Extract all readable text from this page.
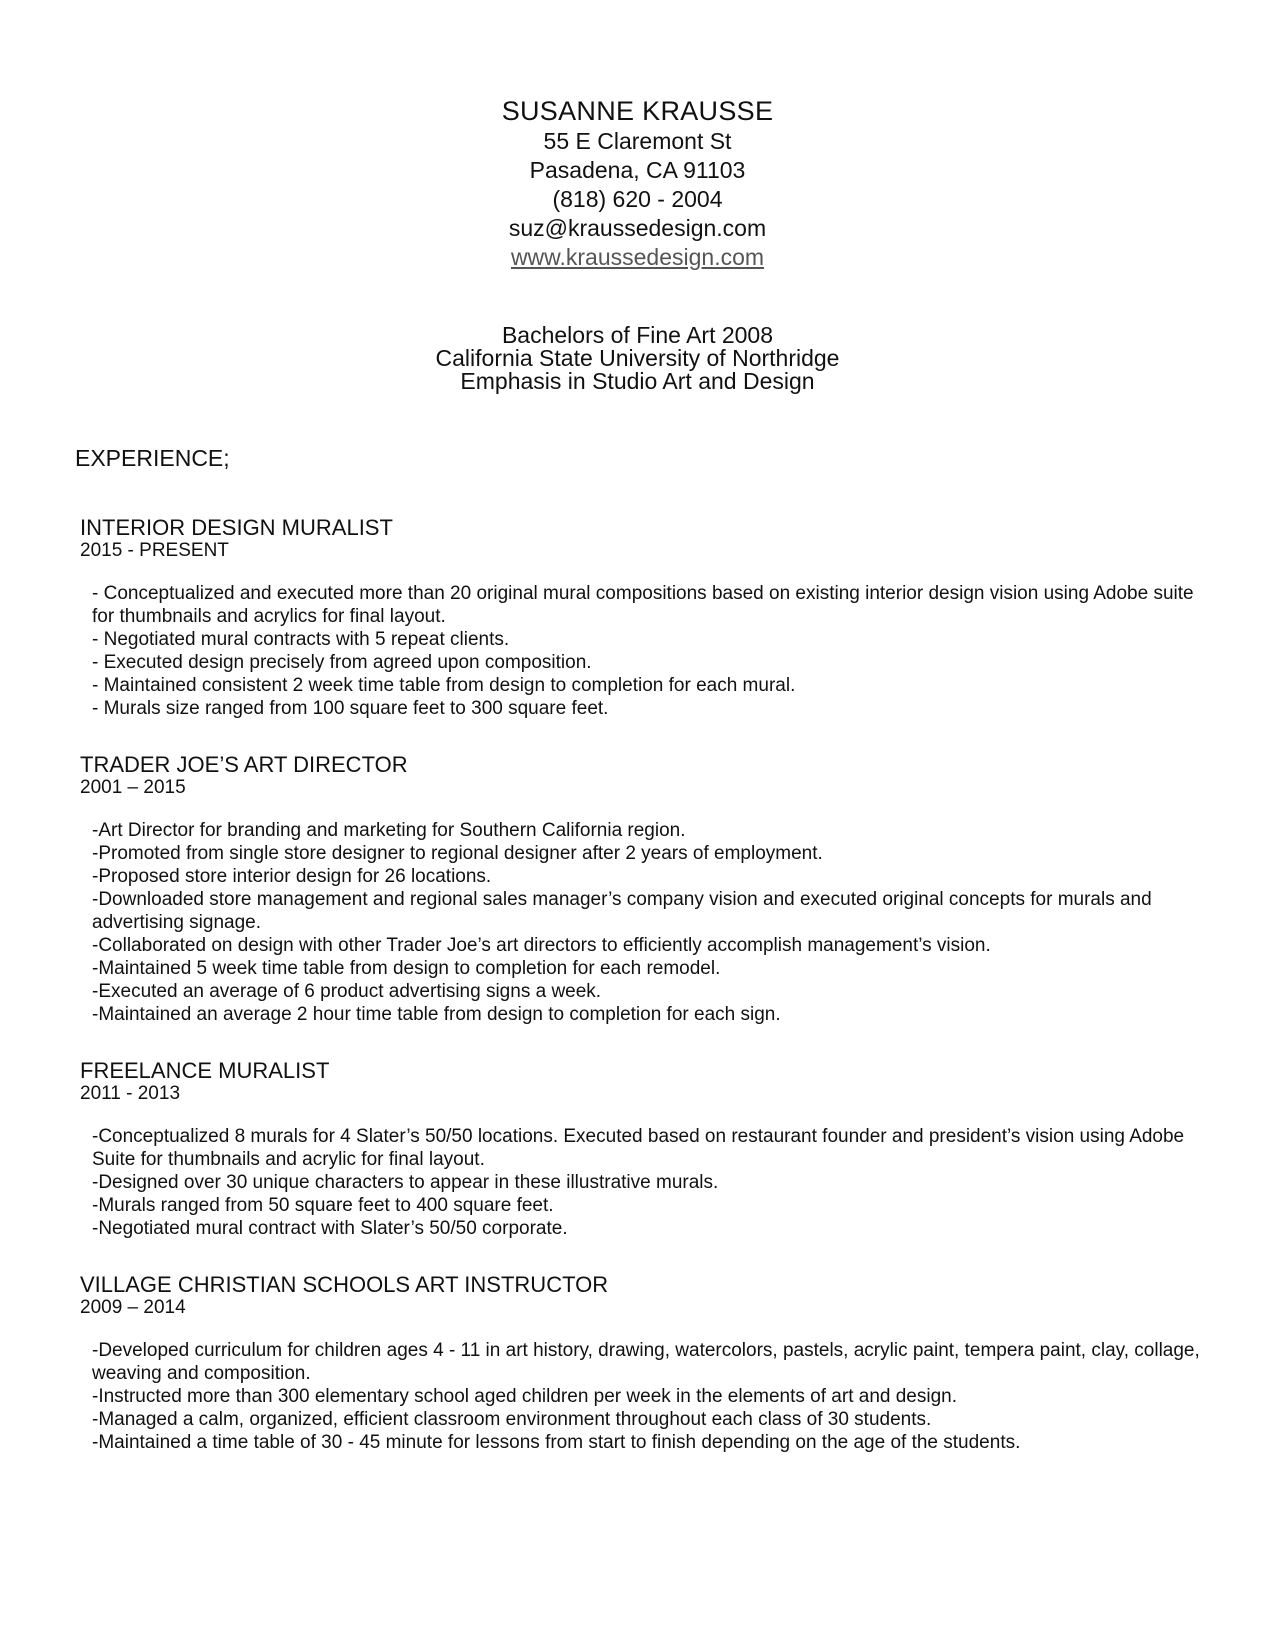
SUSANNE KRAUSSE
55 E Claremont St
Pasadena, CA 91103
(818) 620 - 2004
suz@kraussedesign.com
www.kraussedesign.com
Bachelors of Fine Art 2008
California State University of Northridge
Emphasis in Studio Art and Design
EXPERIENCE;
INTERIOR DESIGN MURALIST
2015 - PRESENT
- Conceptualized and executed more than 20 original mural compositions based on existing interior design vision using Adobe suite for thumbnails and acrylics for final layout.
- Negotiated mural contracts with 5 repeat clients.
- Executed design precisely from agreed upon composition.
- Maintained consistent 2 week time table from design to completion for each mural.
- Murals size ranged from 100 square feet to 300 square feet.
TRADER JOE’S ART DIRECTOR
2001 – 2015
-Art Director for branding and marketing for Southern California region.
-Promoted from single store designer to regional designer after 2 years of employment.
-Proposed store interior design for 26 locations.
-Downloaded store management and regional sales manager’s company vision and executed original concepts for murals and advertising signage.
-Collaborated on design with other Trader Joe’s art directors to efficiently accomplish management’s vision.
-Maintained 5 week time table from design to completion for each remodel.
-Executed an average of 6 product advertising signs a week.
-Maintained an average 2 hour time table from design to completion for each sign.
FREELANCE MURALIST
2011 - 2013
-Conceptualized 8 murals for 4 Slater’s 50/50 locations. Executed based on restaurant founder and president’s vision using Adobe Suite for thumbnails and acrylic for final layout.
-Designed over 30 unique characters to appear in these illustrative murals.
-Murals ranged from 50 square feet to 400 square feet.
-Negotiated mural contract with Slater’s 50/50 corporate.
VILLAGE CHRISTIAN SCHOOLS ART INSTRUCTOR
2009 – 2014
-Developed curriculum for children ages 4 - 11 in art history, drawing, watercolors, pastels, acrylic paint, tempera paint, clay, collage, weaving and composition.
-Instructed more than 300 elementary school aged children per week in the elements of art and design.
-Managed a calm, organized, efficient classroom environment throughout each class of 30 students.
-Maintained a time table of 30 - 45 minute for lessons from start to finish depending on the age of the students.
